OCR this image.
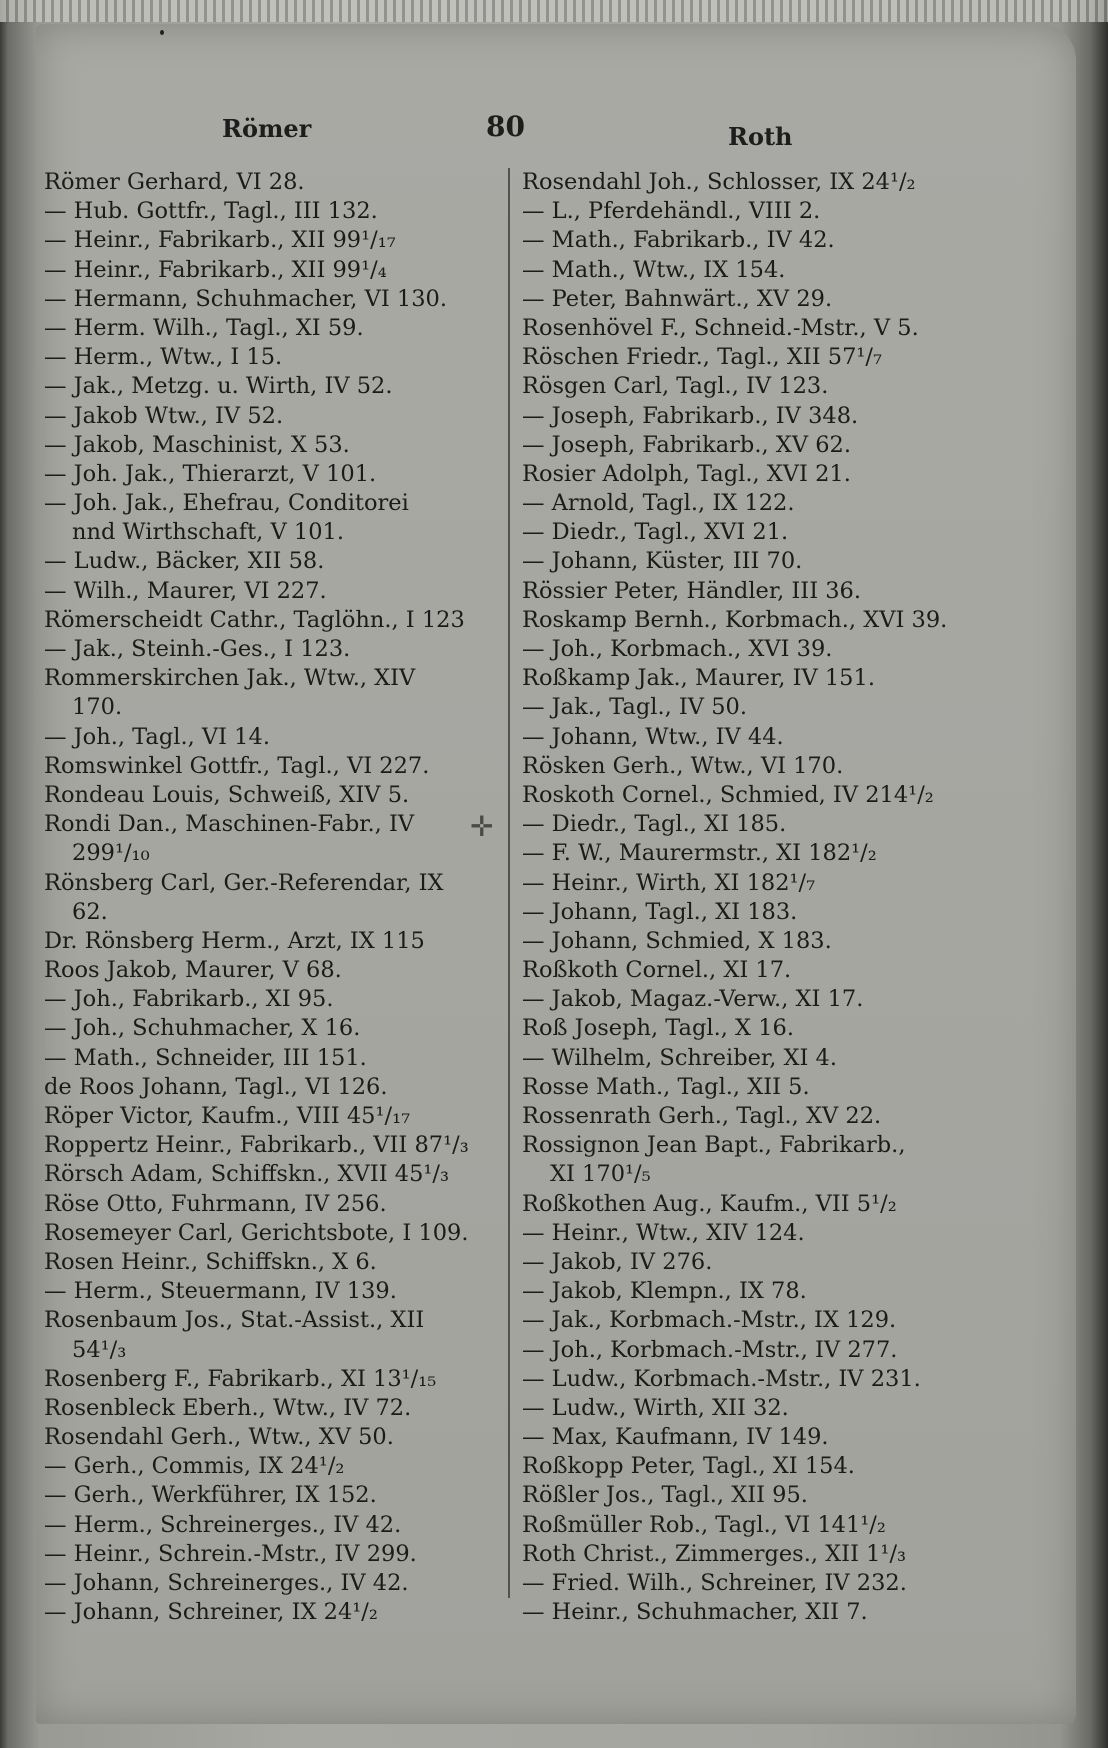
Römer	80	Roth
Römer Gerhard, VI 28.
— Hub. Gottfr., Tagl., III 132.
— Heinr., Fabrikarb., XII 99¹/₁₇
— Heinr., Fabrikarb., XII 99¹/₄
— Hermann, Schuhmacher, VI 130.
— Herm. Wilh., Tagl., XI 59.
— Herm., Wtw., I 15.
— Jak., Metzg. u. Wirth, IV 52.
— Jakob Wtw., IV 52.
— Jakob, Maschinist, X 53.
— Joh. Jak., Thierarzt, V 101.
— Joh. Jak., Ehefrau, Conditorei
nnd Wirthschaft, V 101.
— Ludw., Bäcker, XII 58.
— Wilh., Maurer, VI 227.
Römerscheidt Cathr., Taglöhn., I 123
— Jak., Steinh.-Ges., I 123.
Rommerskirchen Jak., Wtw., XIV
170.
— Joh., Tagl., VI 14.
Romswinkel Gottfr., Tagl., VI 227.
Rondeau Louis, Schweiß, XIV 5.
Rondi Dan., Maschinen-Fabr., IV
299¹/₁₀
Rönsberg Carl, Ger.-Referendar, IX
62.
Dr. Rönsberg Herm., Arzt, IX 115
Roos Jakob, Maurer, V 68.
— Joh., Fabrikarb., XI 95.
— Joh., Schuhmacher, X 16.
— Math., Schneider, III 151.
de Roos Johann, Tagl., VI 126.
Röper Victor, Kaufm., VIII 45¹/₁₇
Roppertz Heinr., Fabrikarb., VII 87¹/₃
Rörsch Adam, Schiffskn., XVII 45¹/₃
Röse Otto, Fuhrmann, IV 256.
Rosemeyer Carl, Gerichtsbote, I 109.
Rosen Heinr., Schiffskn., X 6.
— Herm., Steuermann, IV 139.
Rosenbaum Jos., Stat.-Assist., XII
54¹/₃
Rosenberg F., Fabrikarb., XI 13¹/₁₅
Rosenbleck Eberh., Wtw., IV 72.
Rosendahl Gerh., Wtw., XV 50.
— Gerh., Commis, IX 24¹/₂
— Gerh., Werkführer, IX 152.
— Herm., Schreinerges., IV 42.
— Heinr., Schrein.-Mstr., IV 299.
— Johann, Schreinerges., IV 42.
— Johann, Schreiner, IX 24¹/₂
Rosendahl Joh., Schlosser, IX 24¹/₂
— L., Pferdehändl., VIII 2.
— Math., Fabrikarb., IV 42.
— Math., Wtw., IX 154.
— Peter, Bahnwärt., XV 29.
Rosenhövel F., Schneid.-Mstr., V 5.
Röschen Friedr., Tagl., XII 57¹/₇
Rösgen Carl, Tagl., IV 123.
— Joseph, Fabrikarb., IV 348.
— Joseph, Fabrikarb., XV 62.
Rosier Adolph, Tagl., XVI 21.
— Arnold, Tagl., IX 122.
— Diedr., Tagl., XVI 21.
— Johann, Küster, III 70.
Rössier Peter, Händler, III 36.
Roskamp Bernh., Korbmach., XVI 39.
— Joh., Korbmach., XVI 39.
Roßkamp Jak., Maurer, IV 151.
— Jak., Tagl., IV 50.
— Johann, Wtw., IV 44.
Rösken Gerh., Wtw., VI 170.
Roskoth Cornel., Schmied, IV 214¹/₂
— Diedr., Tagl., XI 185.
— F. W., Maurermstr., XI 182¹/₂
— Heinr., Wirth, XI 182¹/₇
— Johann, Tagl., XI 183.
— Johann, Schmied, X 183.
Roßkoth Cornel., XI 17.
— Jakob, Magaz.-Verw., XI 17.
Roß Joseph, Tagl., X 16.
— Wilhelm, Schreiber, XI 4.
Rosse Math., Tagl., XII 5.
Rossenrath Gerh., Tagl., XV 22.
Rossignon Jean Bapt., Fabrikarb.,
XI 170¹/₅
Roßkothen Aug., Kaufm., VII 5¹/₂
— Heinr., Wtw., XIV 124.
— Jakob, IV 276.
— Jakob, Klempn., IX 78.
— Jak., Korbmach.-Mstr., IX 129.
— Joh., Korbmach.-Mstr., IV 277.
— Ludw., Korbmach.-Mstr., IV 231.
— Ludw., Wirth, XII 32.
— Max, Kaufmann, IV 149.
Roßkopp Peter, Tagl., XI 154.
Rößler Jos., Tagl., XII 95.
Roßmüller Rob., Tagl., VI 141¹/₂
Roth Christ., Zimmerges., XII 1¹/₃
— Fried. Wilh., Schreiner, IV 232.
— Heinr., Schuhmacher, XII 7.
✛
